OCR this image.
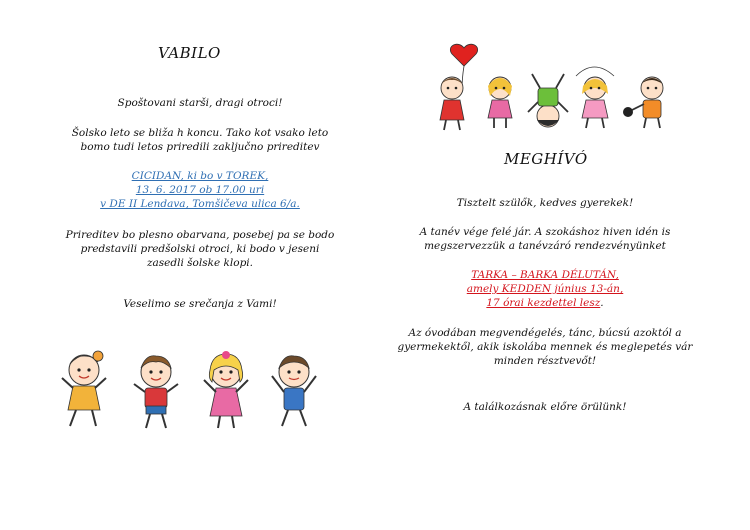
VABILO
Spoštovani starši, dragi otroci!
Šolsko leto se bliža h koncu. Tako kot vsako leto
bomo tudi letos priredili zaključno prireditev
CICIDAN, ki bo v TOREK,
13. 6. 2017 ob 17.00 uri
v DE II Lendava, Tomšičeva ulica 6/a.
Prireditev bo plesno obarvana, posebej pa se bodo
predstavili predšolski otroci, ki bodo v jeseni
zasedli šolske klopi.
Veselimo se srečanja z Vami!
MEGHÍVÓ
Tisztelt szülők, kedves gyerekek!
A tanév vége felé jár. A szokáshoz hiven idén is
megszervezzük a tanévzáró rendezvényünket
TARKA – BARKA DÉLUTÁN,
amely KEDDEN június 13-án,
17 órai kezdettel lesz.
Az óvodában megvendégelés, tánc, búcsú azoktól a
gyermekektől, akik iskolába mennek és meglepetés vár
minden résztvevőt!
A találkozásnak előre örülünk!
